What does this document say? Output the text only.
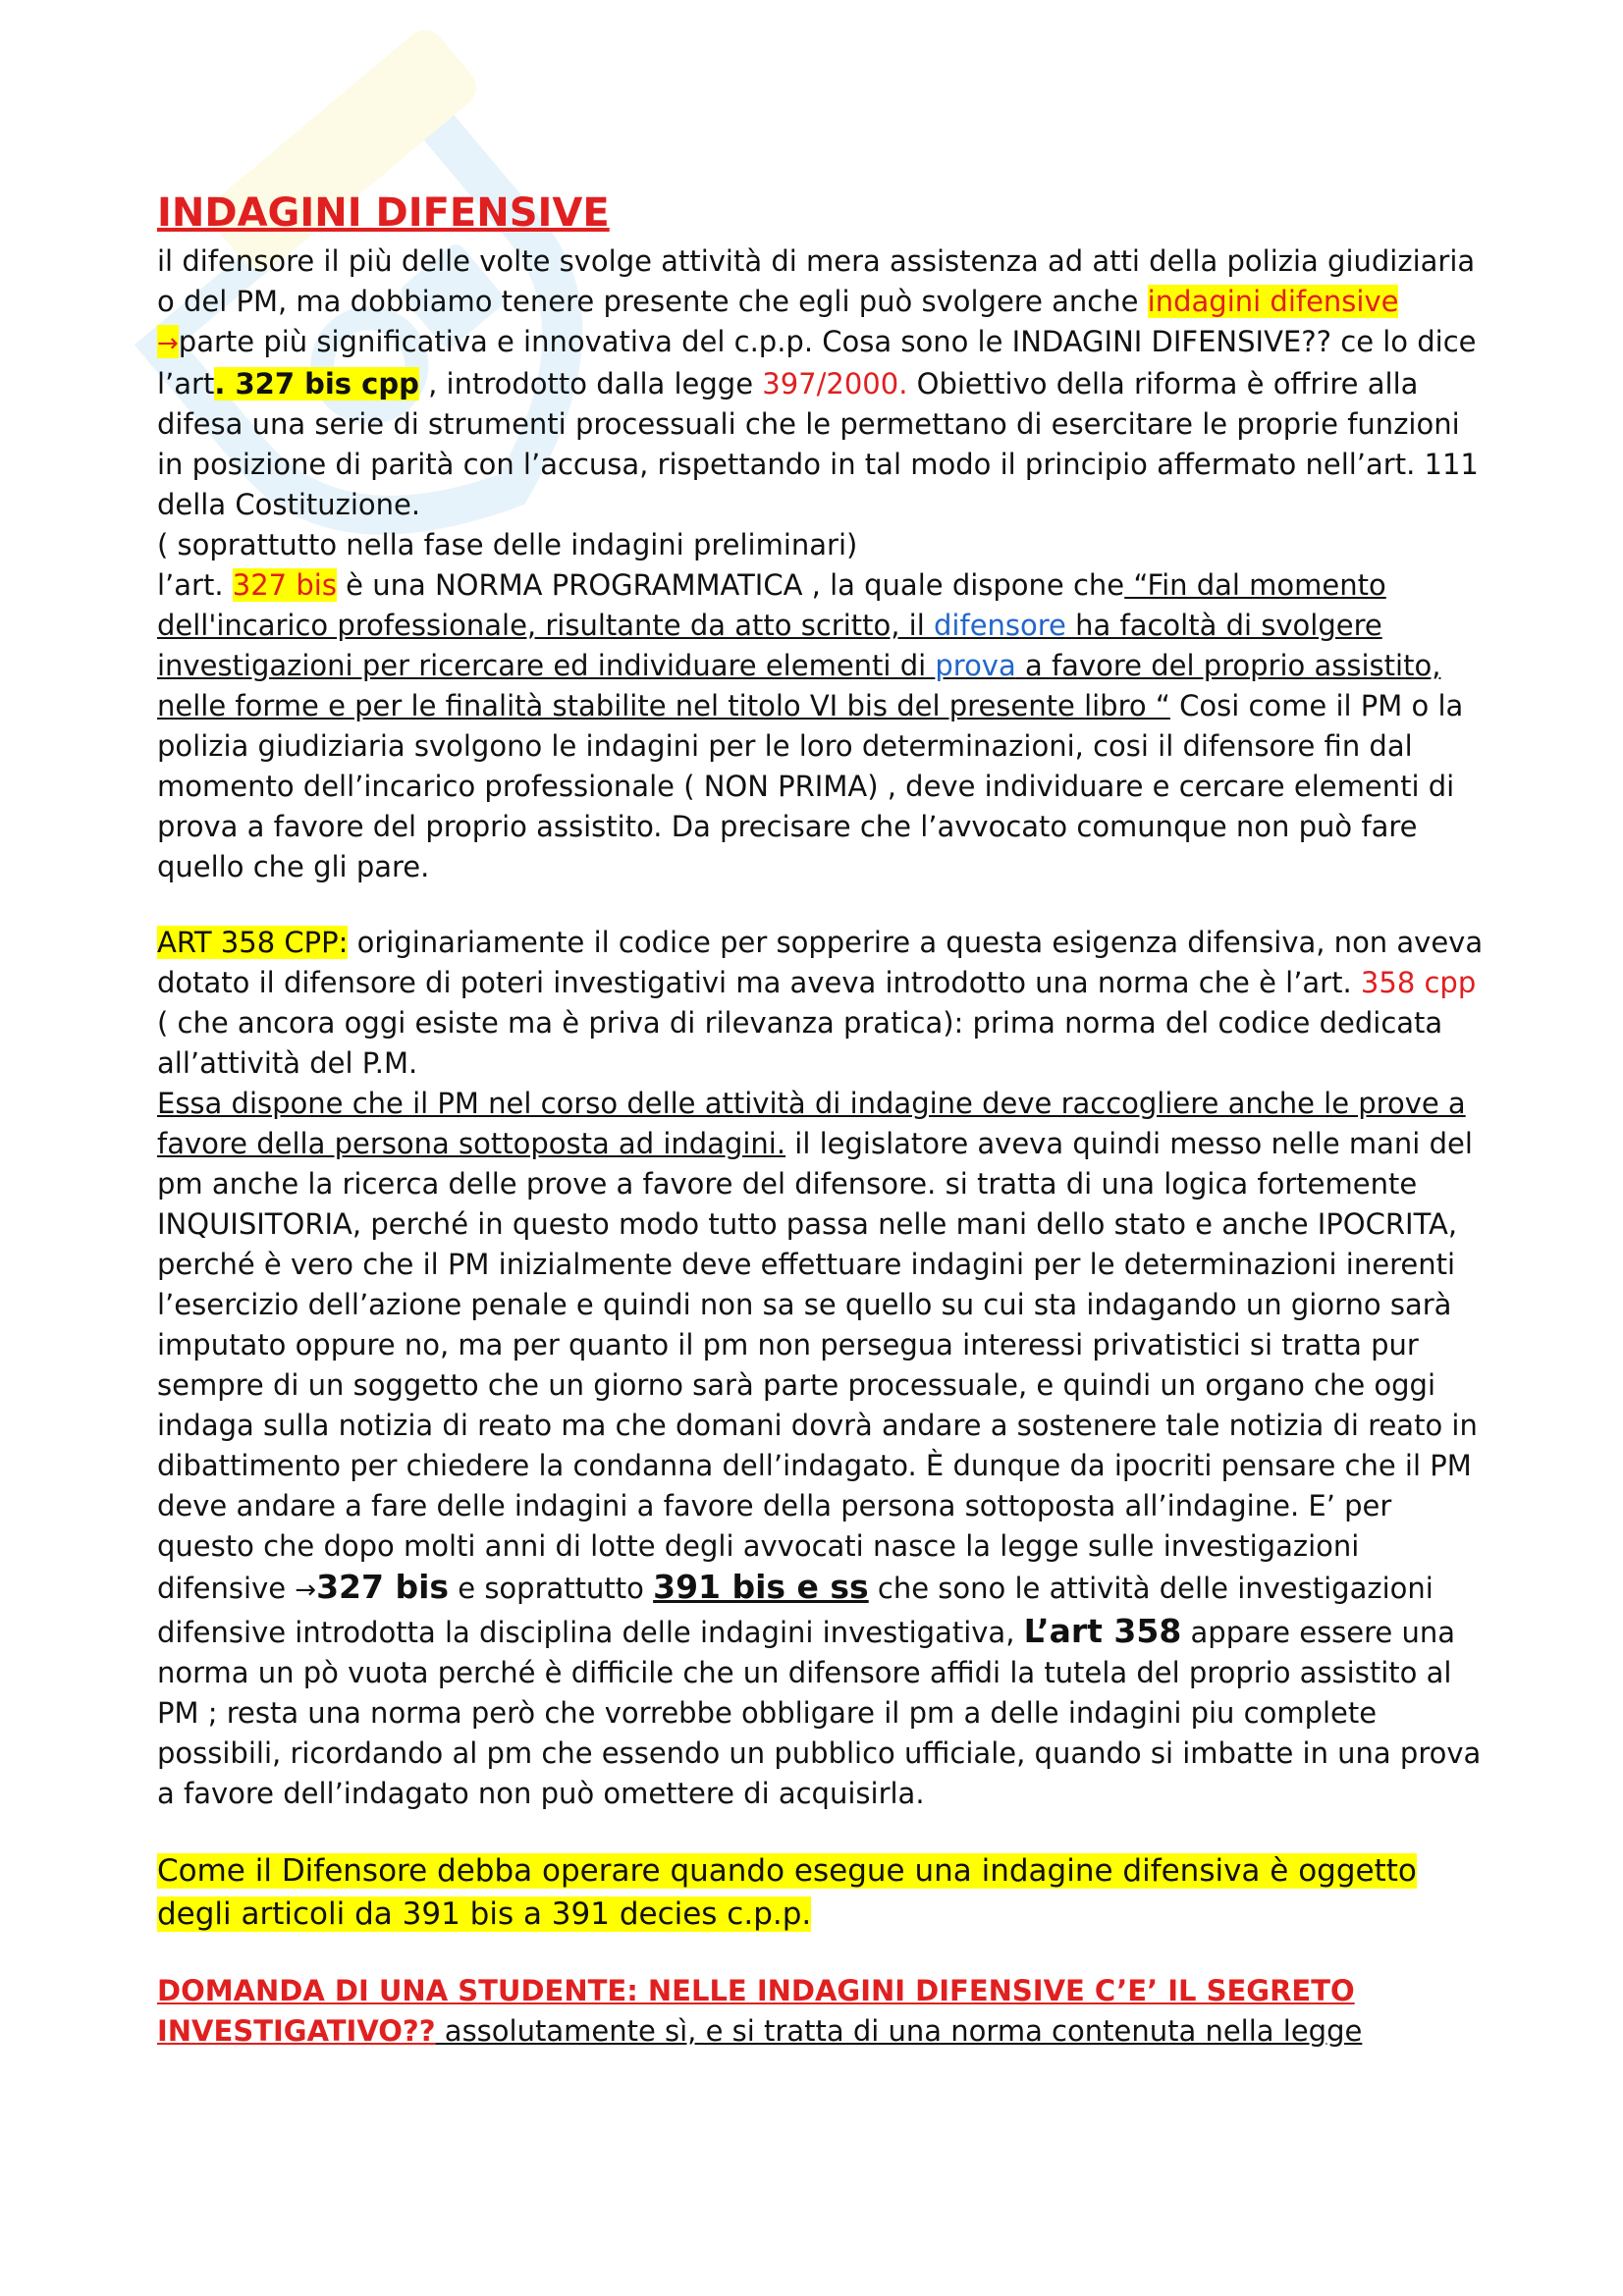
INDAGINI DIFENSIVE

il difensore il più delle volte svolge attività di mera assistenza ad atti della polizia giudiziaria o del PM, ma dobbiamo tenere presente che egli può svolgere anche indagini difensive →parte più significativa e innovativa del c.p.p. Cosa sono le INDAGINI DIFENSIVE?? ce lo dice l’art. 327 bis cpp , introdotto dalla legge 397/2000. Obiettivo della riforma è offrire alla difesa una serie di strumenti processuali che le permettano di esercitare le proprie funzioni in posizione di parità con l’accusa, rispettando in tal modo il principio affermato nell’art. 111 della Costituzione.

( soprattutto nella fase delle indagini preliminari)

l’art. 327 bis è una NORMA PROGRAMMATICA , la quale dispone che “Fin dal momento dell'incarico professionale, risultante da atto scritto, il difensore ha facoltà di svolgere investigazioni per ricercare ed individuare elementi di prova a favore del proprio assistito, nelle forme e per le finalità stabilite nel titolo VI bis del presente libro “ Cosi come il PM o la polizia giudiziaria svolgono le indagini per le loro determinazioni, cosi il difensore fin dal momento dell’incarico professionale ( NON PRIMA) , deve individuare e cercare elementi di prova a favore del proprio assistito. Da precisare che l’avvocato comunque non può fare quello che gli pare.

ART 358 CPP: originariamente il codice per sopperire a questa esigenza difensiva, non aveva dotato il difensore di poteri investigativi ma aveva introdotto una norma che è l’art. 358 cpp ( che ancora oggi esiste ma è priva di rilevanza pratica): prima norma del codice dedicata all’attività del P.M.

Essa dispone che il PM nel corso delle attività di indagine deve raccogliere anche le prove a favore della persona sottoposta ad indagini. il legislatore aveva quindi messo nelle mani del pm anche la ricerca delle prove a favore del difensore. si tratta di una logica fortemente INQUISITORIA, perché in questo modo tutto passa nelle mani dello stato e anche IPOCRITA, perché è vero che il PM inizialmente deve effettuare indagini per le determinazioni inerenti l’esercizio dell’azione penale e quindi non sa se quello su cui sta indagando un giorno sarà imputato oppure no, ma per quanto il pm non persegua interessi privatistici si tratta pur sempre di un soggetto che un giorno sarà parte processuale, e quindi un organo che oggi indaga sulla notizia di reato ma che domani dovrà andare a sostenere tale notizia di reato in dibattimento per chiedere la condanna dell’indagato. È dunque da ipocriti pensare che il PM deve andare a fare delle indagini a favore della persona sottoposta all’indagine. E’ per questo che dopo molti anni di lotte degli avvocati nasce la legge sulle investigazioni difensive →327 bis e soprattutto 391 bis e ss che sono le attività delle investigazioni difensive introdotta la disciplina delle indagini investigativa, L’art 358 appare essere una norma un pò vuota perché è difficile che un difensore affidi la tutela del proprio assistito al PM ; resta una norma però che vorrebbe obbligare il pm a delle indagini piu complete possibili, ricordando al pm che essendo un pubblico ufficiale, quando si imbatte in una prova a favore dell’indagato non può omettere di acquisirla.

Come il Difensore debba operare quando esegue una indagine difensiva è oggetto degli articoli da 391 bis a 391 decies c.p.p.

DOMANDA DI UNA STUDENTE: NELLE INDAGINI DIFENSIVE C’E’ IL SEGRETO INVESTIGATIVO?? assolutamente sì, e si tratta di una norma contenuta nella legge
